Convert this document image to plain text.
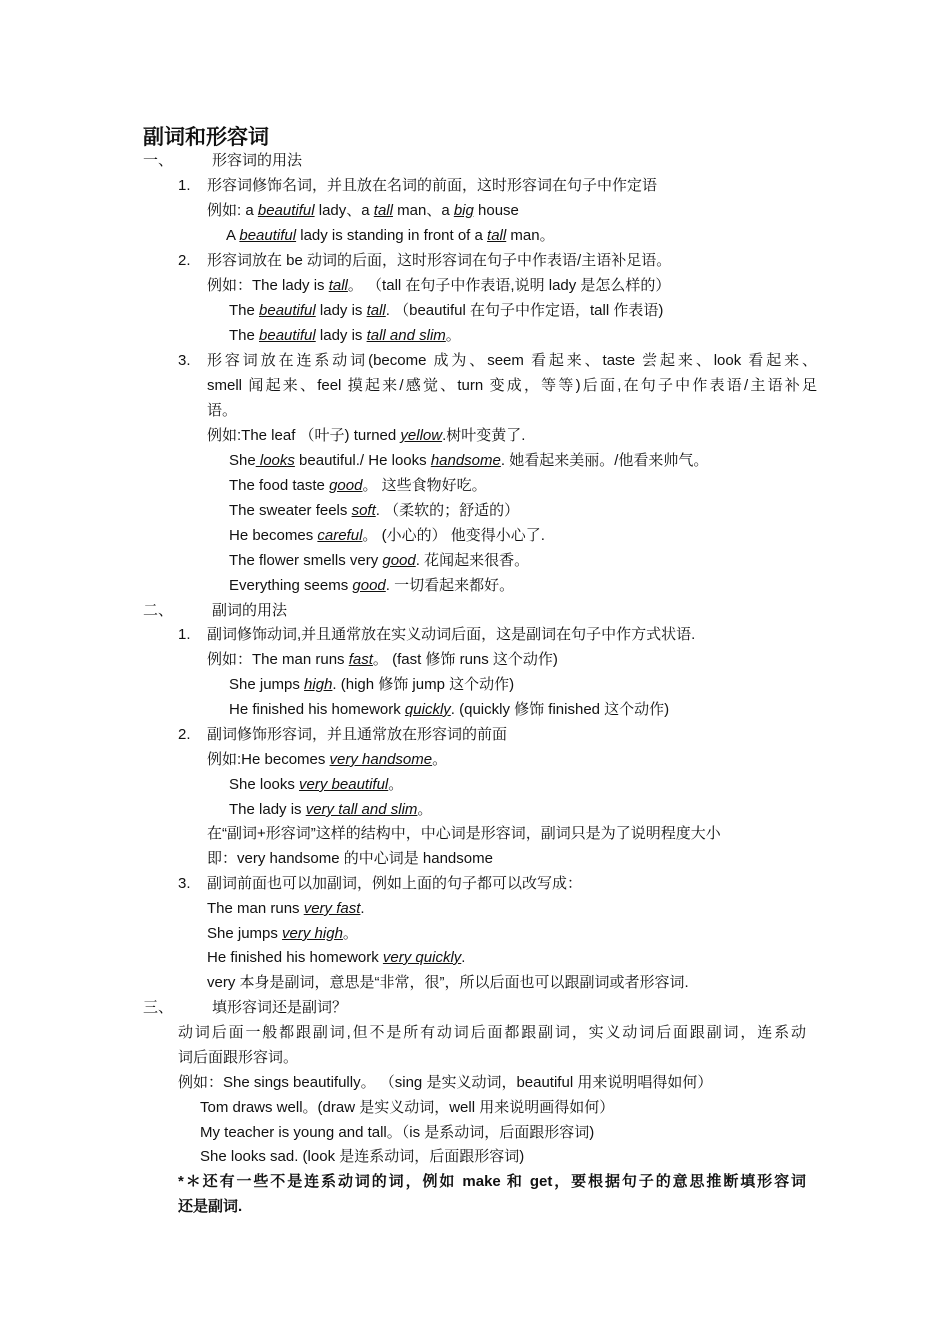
副词和形容词
一、	形容词的用法
1. 形容词修饰名词，并且放在名词的前面，这时形容词在句子中作定语
例如: a beautiful lady、a tall man、a big house
A beautiful lady is standing in front of a tall man。
2. 形容词放在 be 动词的后面，这时形容词在句子中作表语/主语补足语。
例如：The lady is tall。 （tall 在句子中作表语,说明 lady 是怎么样的）
The beautiful lady is tall. （beautiful 在句子中作定语，tall 作表语)
The beautiful lady is tall and slim。
3. 形容词放在连系动词(become 成为、seem 看起来、taste 尝起来、look 看起来、
smell 闻起来、feel 摸起来/感觉、turn 变成，等等)后面,在句子中作表语/主语补足
语。
例如:The leaf （叶子) turned yellow.树叶变黄了.
She looks beautiful./ He looks handsome. 她看起来美丽。/他看来帅气。
The food taste good。 这些食物好吃。
The sweater feels soft. （柔软的；舒适的）
He becomes careful。 (小心的） 他变得小心了.
The flower smells very good. 花闻起来很香。
Everything seems good. 一切看起来都好。
二、	副词的用法
1. 副词修饰动词,并且通常放在实义动词后面，这是副词在句子中作方式状语.
例如：The man runs fast。 (fast 修饰 runs 这个动作)
She jumps high. (high 修饰 jump 这个动作)
He finished his homework quickly. (quickly 修饰 finished 这个动作)
2. 副词修饰形容词，并且通常放在形容词的前面
例如:He becomes very handsome。
She looks very beautiful。
The lady is very tall and slim。
在“副词+形容词”这样的结构中，中心词是形容词，副词只是为了说明程度大小
即：very handsome 的中心词是 handsome
3. 副词前面也可以加副词，例如上面的句子都可以改写成：
The man runs very fast.
She jumps very high。
He finished his homework very quickly.
very 本身是副词，意思是“非常，很”，所以后面也可以跟副词或者形容词.
三、	填形容词还是副词？
动词后面一般都跟副词,但不是所有动词后面都跟副词，实义动词后面跟副词，连系动
词后面跟形容词。
例如：She sings beautifully。 （sing 是实义动词，beautiful 用来说明唱得如何）
Tom draws well。(draw 是实义动词，well 用来说明画得如何）
My teacher is young and tall。（is 是系动词，后面跟形容词)
She looks sad. (look 是连系动词，后面跟形容词)
*＊还有一些不是连系动词的词，例如 make 和 get，要根据句子的意思推断填形容词
还是副词.
